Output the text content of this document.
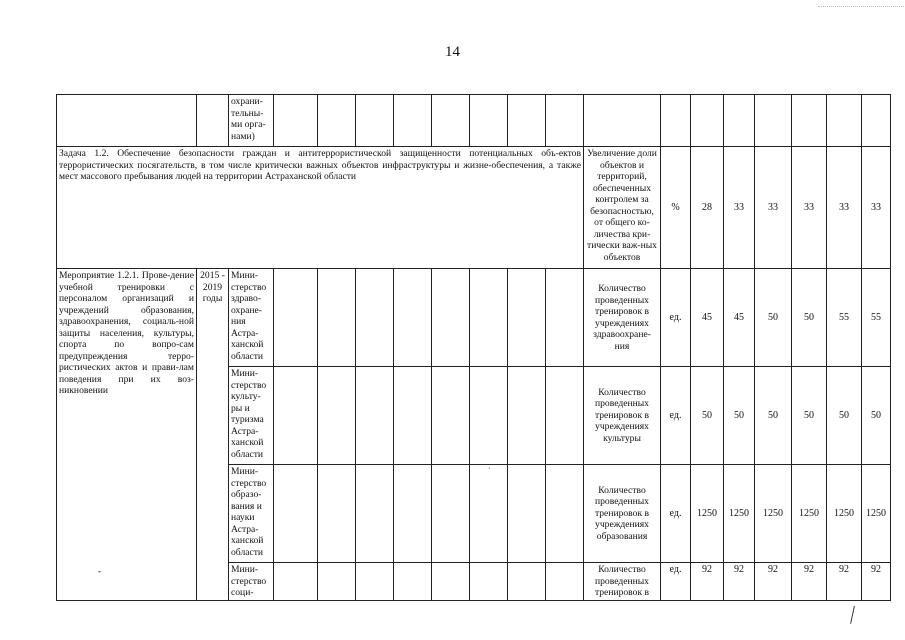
14
		охрани-тельны-ми орга-нами)																
Задача 1.2. Обеспечение безопасности граждан и антитеррористической защищенности потенциальных объ-ектов террористических посягательств, в том числе критически важных объектов инфраструктуры и жизне-обеспечения, а также мест массового пребывания людей на территории Астраханской области											Увеличение доли объектов и территорий, обеспеченных контролем за безопасностью, от общего ко-личества кри-тически важ-ных объектов	%	28	33	33	33	33	33
Мероприятие 1.2.1. Прове-дение учебной тренировки с персоналом организаций и учреждений образования, здравоохранения, социаль-ной защиты населения, культуры, спорта по вопро-сам предупреждения терро-ристических актов и прави-лам поведения при их воз-никновении	2015 - 2019 годы	Мини-стерство здраво-охране-ния Астра-ханской области									Количество проведенных тренировок в учреждениях здравоохране-ния	ед.	45	45	50	50	55	55
		Мини-стерство культу-ры и туризма Астра-ханской области									Количество проведенных тренировок в учреждениях культуры	ед.	50	50	50	50	50	50
		Мини-стерство образо-вания и науки Астра-ханской области									Количество проведенных тренировок в учреждениях образования	ед.	1250	1250	1250	1250	1250	1250
		Мини-стерство соци-									Количество проведенных тренировок в	ед.	92	92	92	92	92	92
-
·
